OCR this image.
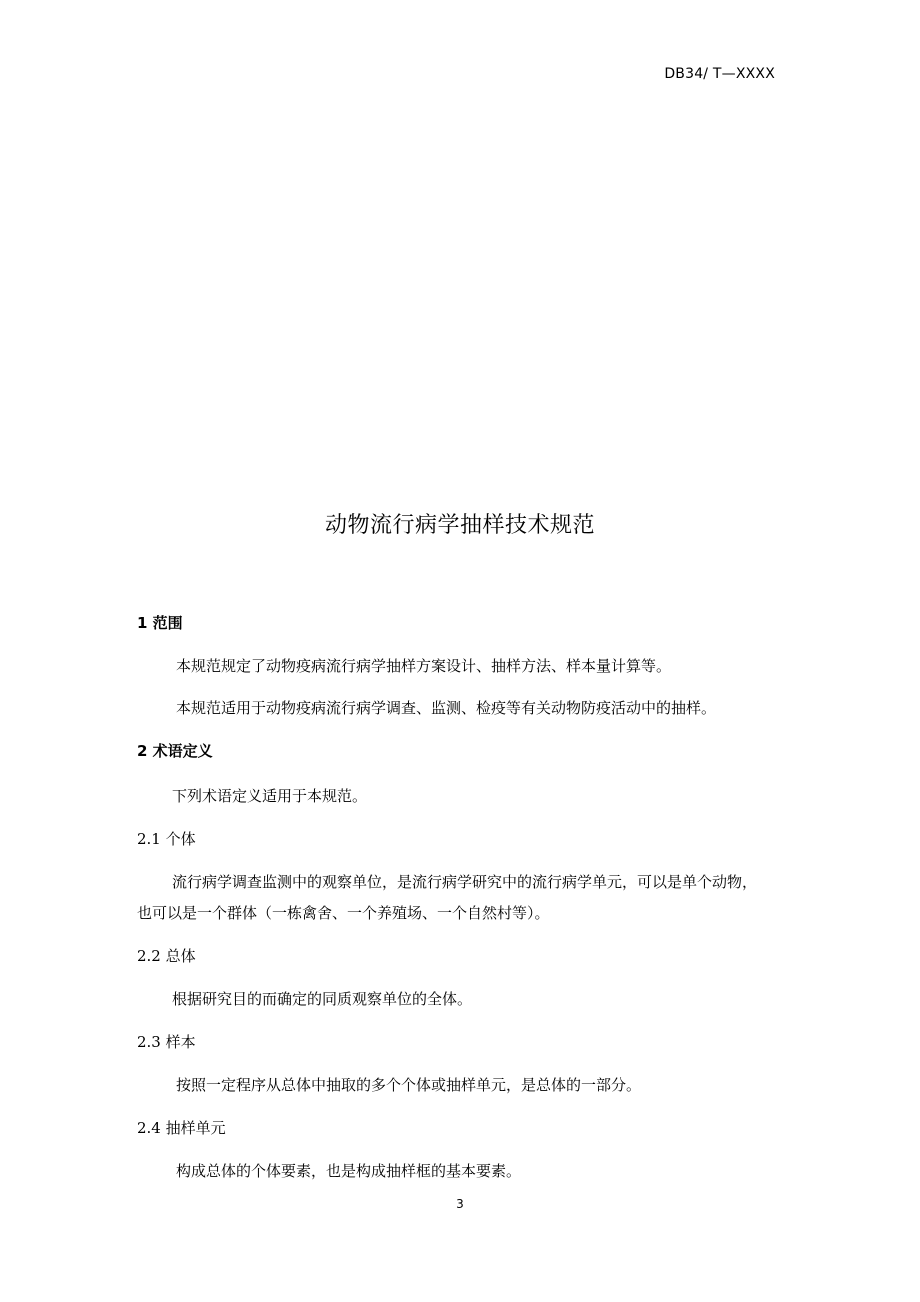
DB34/ T—XXXX
动物流行病学抽样技术规范
1 范围
本规范规定了动物疫病流行病学抽样方案设计、抽样方法、样本量计算等。
本规范适用于动物疫病流行病学调查、监测、检疫等有关动物防疫活动中的抽样。
2 术语定义
下列术语定义适用于本规范。
2.1 个体
流行病学调查监测中的观察单位，是流行病学研究中的流行病学单元，可以是单个动物，
也可以是一个群体（一栋禽舍、一个养殖场、一个自然村等）。
2.2 总体
根据研究目的而确定的同质观察单位的全体。
2.3 样本
按照一定程序从总体中抽取的多个个体或抽样单元，是总体的一部分。
2.4 抽样单元
构成总体的个体要素，也是构成抽样框的基本要素。
3
